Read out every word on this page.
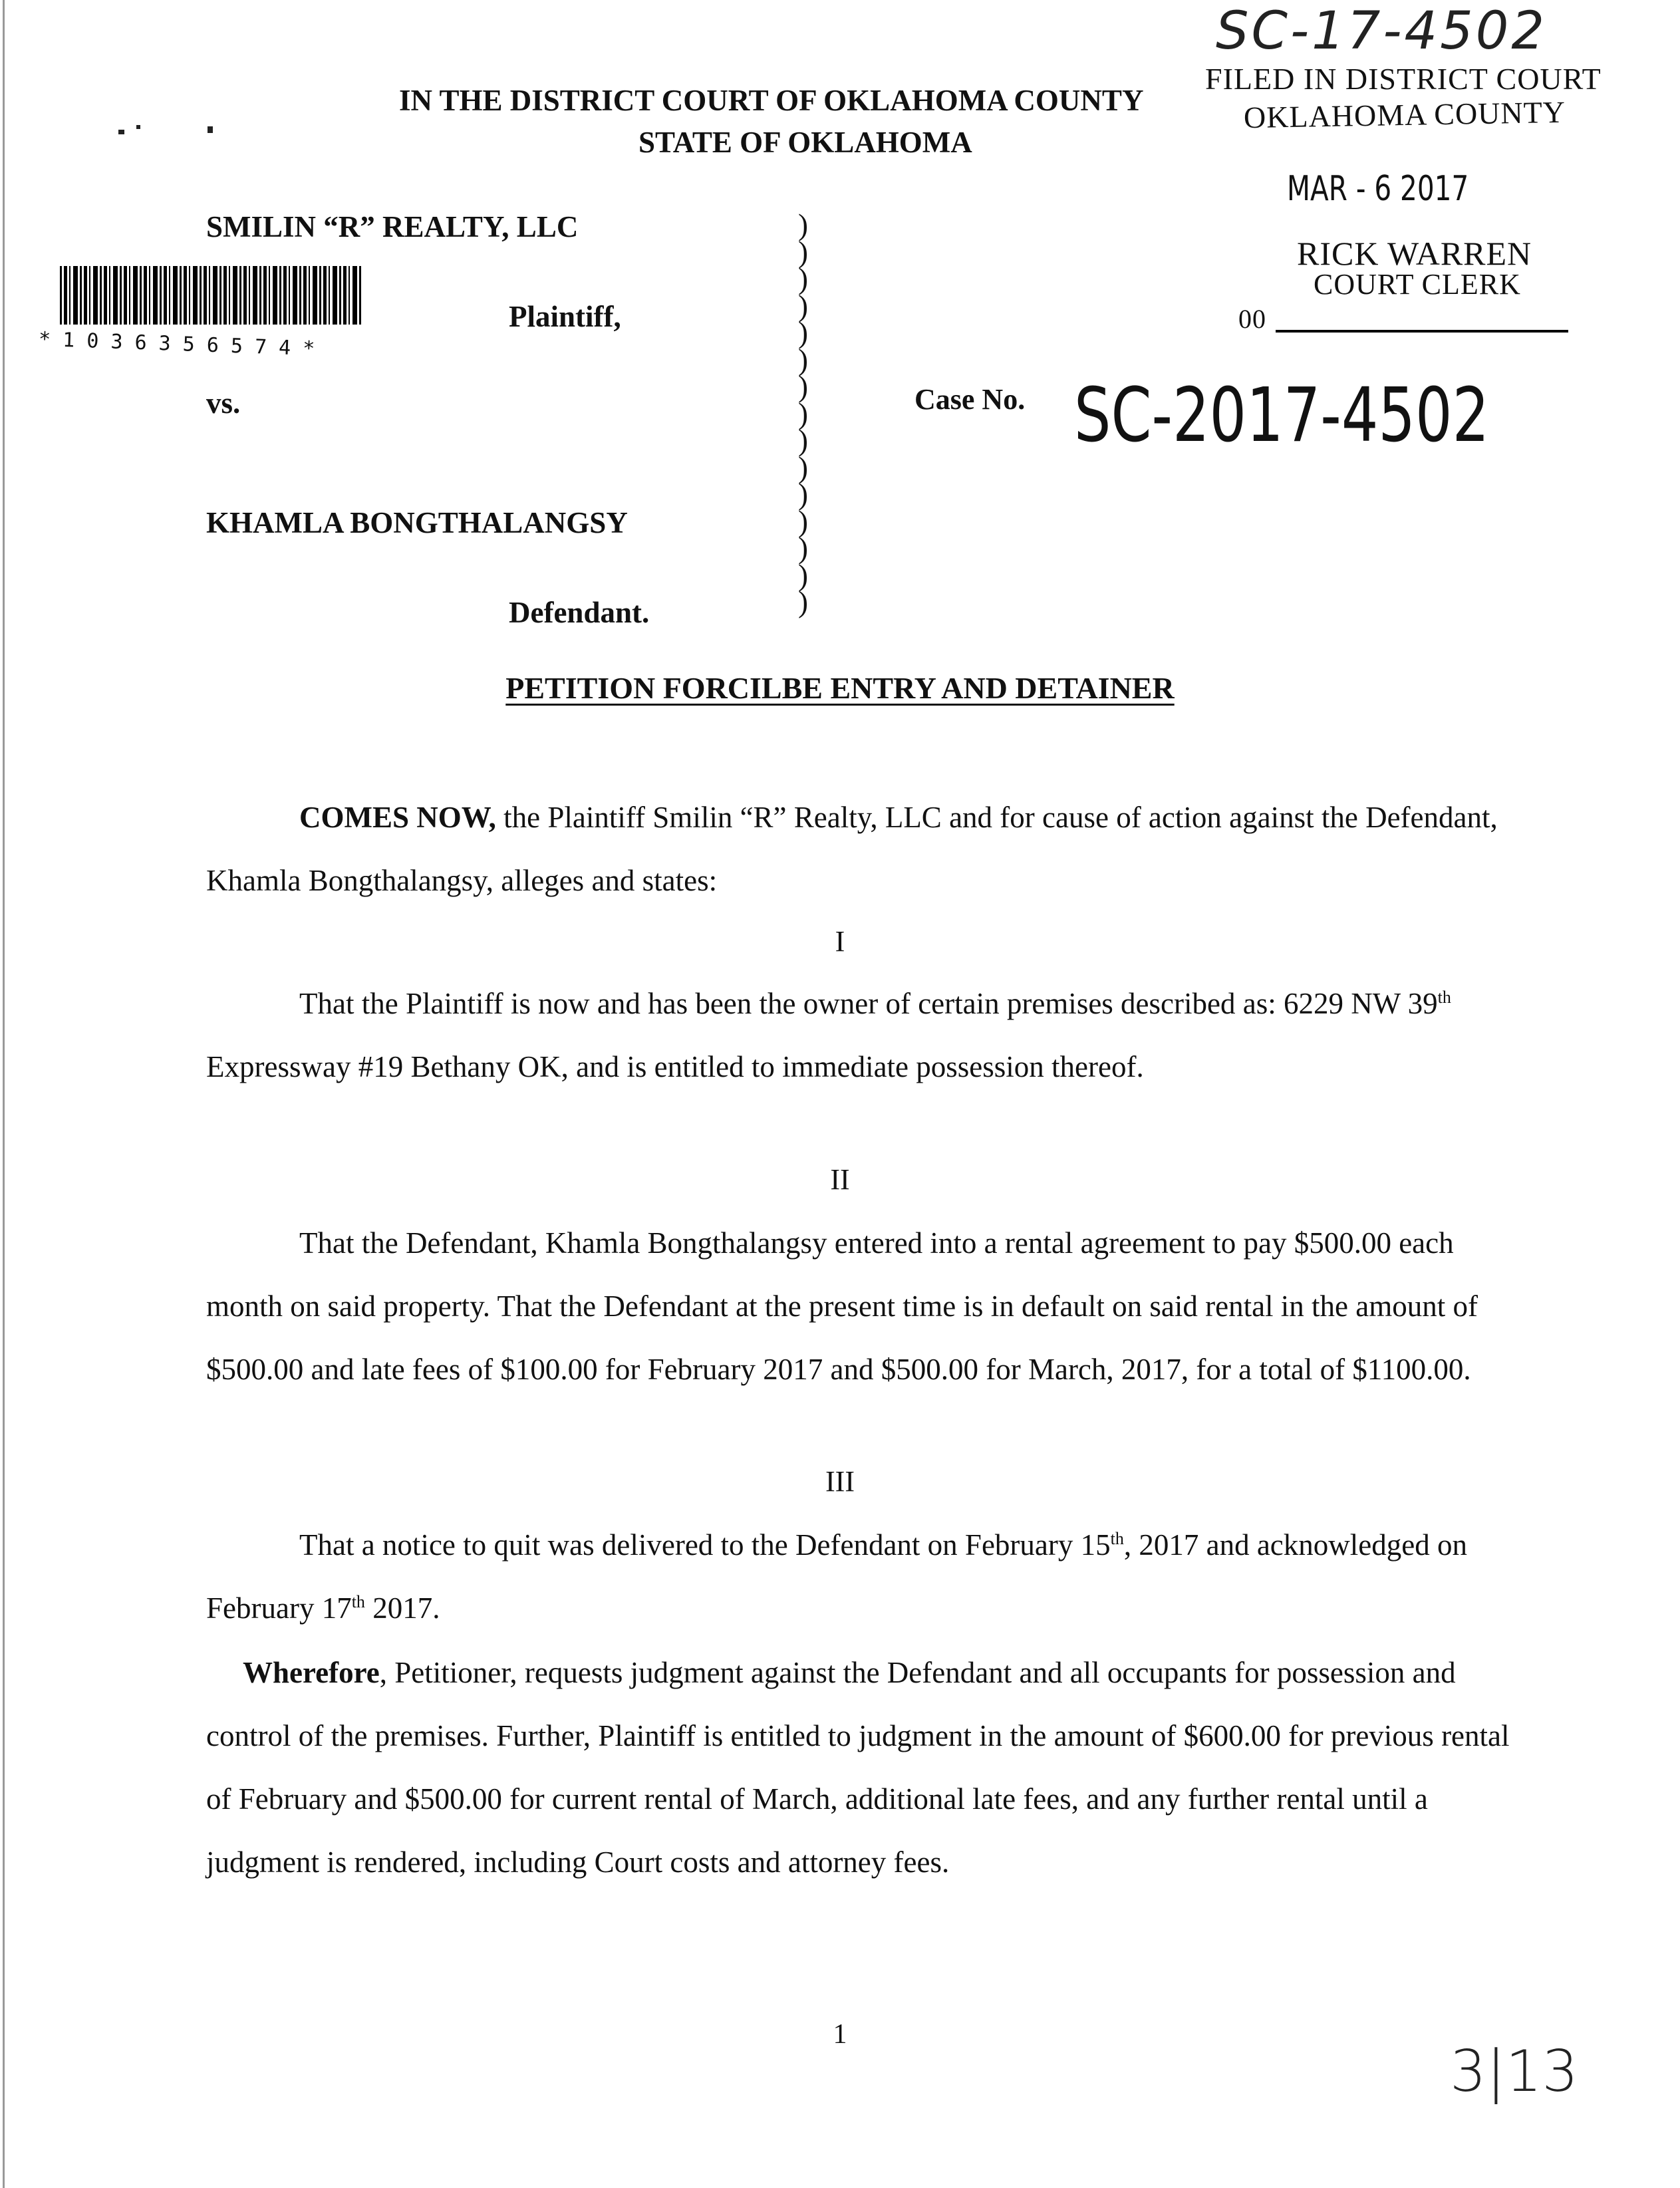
SC-17-4502
IN THE DISTRICT COURT OF OKLAHOMA COUNTY
STATE OF OKLAHOMA
FILED IN DISTRICT COURT
OKLAHOMA COUNTY
MAR - 6 2017
RICK WARREN
COURT CLERK
00
* 1 0 3 6 3 5 6 5 7 4 *
SMILIN “R” REALTY, LLC
Plaintiff,
vs.
KHAMLA BONGTHALANGSY
Defendant.
)
)
)
)
)
)
)
)
)
)
)
)
)
)
)
Case No. SC-2017-4502
PETITION FORCILBE ENTRY AND DETAINER
COMES NOW, the Plaintiff Smilin “R” Realty, LLC and for cause of action against the Defendant, Khamla Bongthalangsy, alleges and states:
I
That the Plaintiff is now and has been the owner of certain premises described as: 6229 NW 39th Expressway #19 Bethany OK, and is entitled to immediate possession thereof.
II
That the Defendant, Khamla Bongthalangsy entered into a rental agreement to pay $500.00 each month on said property. That the Defendant at the present time is in default on said rental in the amount of $500.00 and late fees of $100.00 for February 2017 and $500.00 for March, 2017, for a total of $1100.00.
III
That a notice to quit was delivered to the Defendant on February 15th, 2017 and acknowledged on February 17th 2017.
Wherefore, Petitioner, requests judgment against the Defendant and all occupants for possession and control of the premises. Further, Plaintiff is entitled to judgment in the amount of $600.00 for previous rental of February and $500.00 for current rental of March, additional late fees, and any further rental until a judgment is rendered, including Court costs and attorney fees.
1
3|13
